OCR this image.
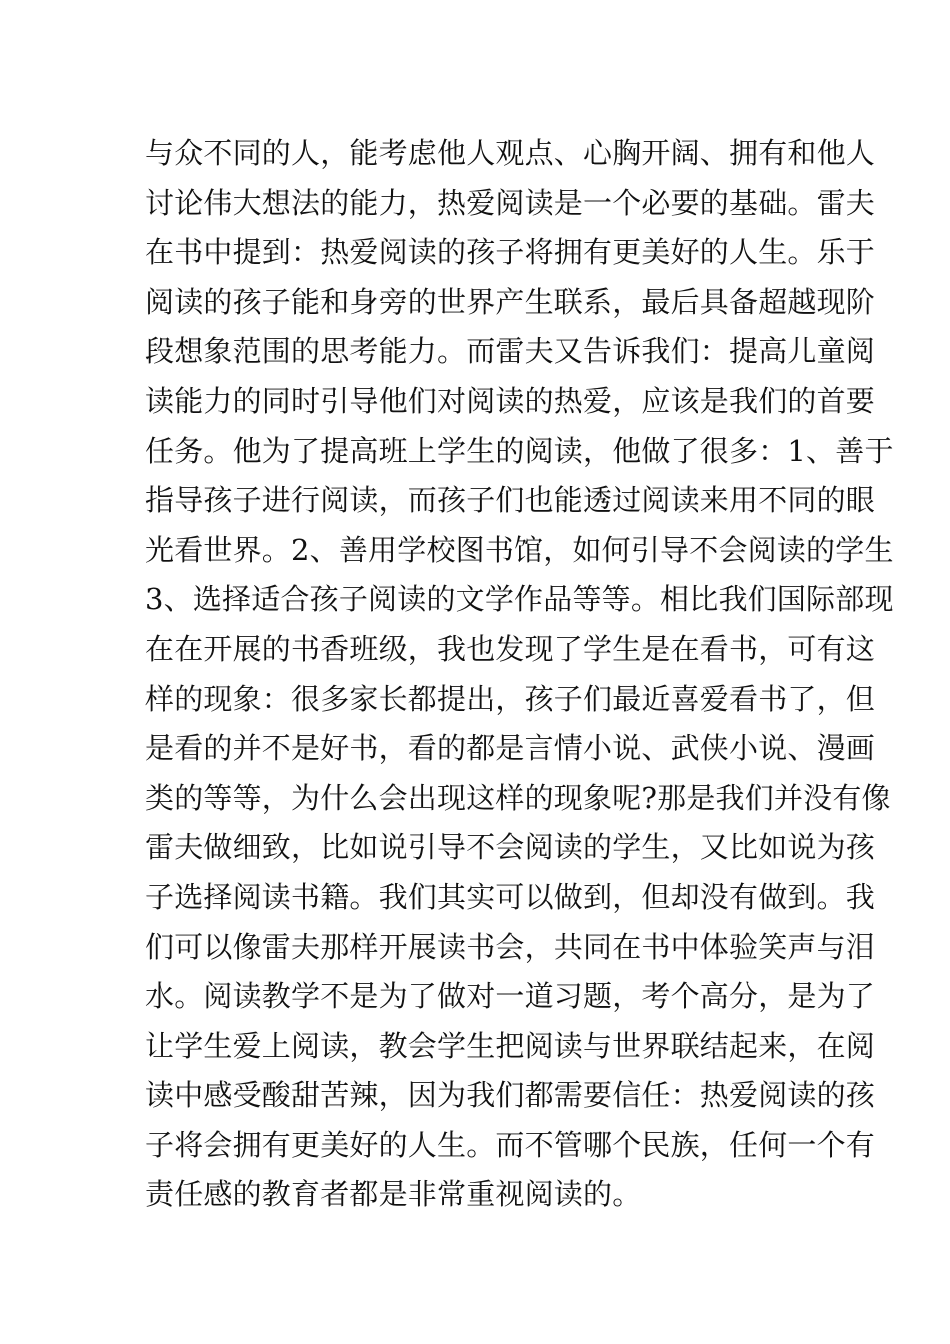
与众不同的人，能考虑他人观点、心胸开阔、拥有和他人
讨论伟大想法的能力，热爱阅读是一个必要的基础。雷夫
在书中提到：热爱阅读的孩子将拥有更美好的人生。乐于
阅读的孩子能和身旁的世界产生联系，最后具备超越现阶
段想象范围的思考能力。而雷夫又告诉我们：提高儿童阅
读能力的同时引导他们对阅读的热爱，应该是我们的首要
任务。他为了提高班上学生的阅读，他做了很多：1、善于
指导孩子进行阅读，而孩子们也能透过阅读来用不同的眼
光看世界。2、善用学校图书馆，如何引导不会阅读的学生
3、选择适合孩子阅读的文学作品等等。相比我们国际部现
在在开展的书香班级，我也发现了学生是在看书，可有这
样的现象：很多家长都提出，孩子们最近喜爱看书了，但
是看的并不是好书，看的都是言情小说、武侠小说、漫画
类的等等，为什么会出现这样的现象呢?那是我们并没有像
雷夫做细致，比如说引导不会阅读的学生，又比如说为孩
子选择阅读书籍。我们其实可以做到，但却没有做到。我
们可以像雷夫那样开展读书会，共同在书中体验笑声与泪
水。阅读教学不是为了做对一道习题，考个高分，是为了
让学生爱上阅读，教会学生把阅读与世界联结起来，在阅
读中感受酸甜苦辣，因为我们都需要信任：热爱阅读的孩
子将会拥有更美好的人生。而不管哪个民族，任何一个有
责任感的教育者都是非常重视阅读的。
